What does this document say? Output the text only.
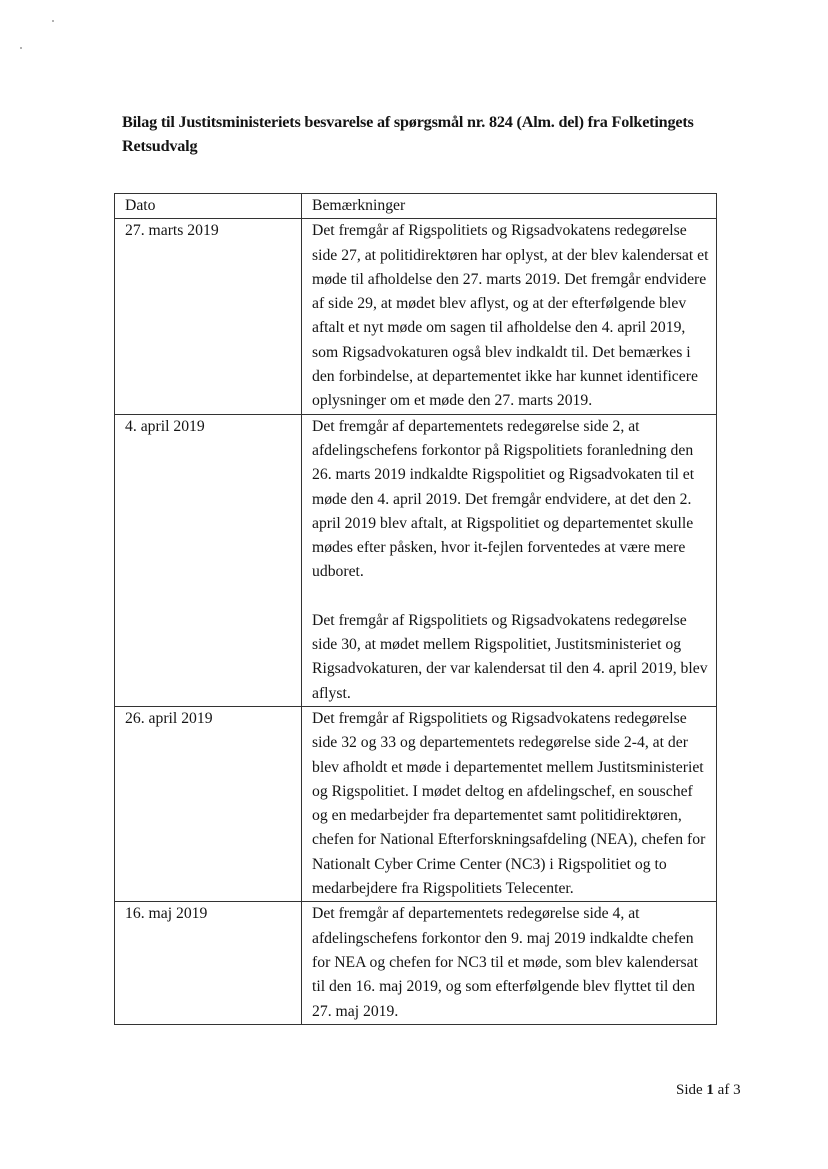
Bilag til Justitsministeriets besvarelse af spørgsmål nr. 824 (Alm. del) fra Folketingets Retsudvalg
Dato	Bemærkninger
27. marts 2019	Det fremgår af Rigspolitiets og Rigsadvokatens redegørelse side 27, at politidirektøren har oplyst, at der blev kalendersat et møde til afholdelse den 27. marts 2019. Det fremgår endvidere af side 29, at mødet blev aflyst, og at der efterfølgende blev aftalt et nyt møde om sagen til afholdelse den 4. april 2019, som Rigsadvokaturen også blev indkaldt til. Det bemærkes i den forbindelse, at departementet ikke har kunnet identificere oplysninger om et møde den 27. marts 2019.

4. april 2019	Det fremgår af departementets redegørelse side 2, at afdelingschefens forkontor på Rigspolitiets foranledning den 26. marts 2019 indkaldte Rigspolitiet og Rigsadvokaten til et møde den 4. april 2019. Det fremgår endvidere, at det den 2. april 2019 blev aftalt, at Rigspolitiet og departementet skulle mødes efter påsken, hvor it-fejlen forventedes at være mere udboret.

Det fremgår af Rigspolitiets og Rigsadvokatens redegørelse side 30, at mødet mellem Rigspolitiet, Justitsministeriet og Rigsadvokaturen, der var kalendersat til den 4. april 2019, blev aflyst.

26. april 2019	Det fremgår af Rigspolitiets og Rigsadvokatens redegørelse side 32 og 33 og departementets redegørelse side 2-4, at der blev afholdt et møde i departementet mellem Justitsministeriet og Rigspolitiet. I mødet deltog en afdelingschef, en souschef og en medarbejder fra departementet samt politidirektøren, chefen for National Efterforskningsafdeling (NEA), chefen for Nationalt Cyber Crime Center (NC3) i Rigspolitiet og to medarbejdere fra Rigspolitiets Telecenter.

16. maj 2019	Det fremgår af departementets redegørelse side 4, at afdelingschefens forkontor den 9. maj 2019 indkaldte chefen for NEA og chefen for NC3 til et møde, som blev kalendersat til den 16. maj 2019, og som efterfølgende blev flyttet til den 27. maj 2019.

Side 1 af 3
